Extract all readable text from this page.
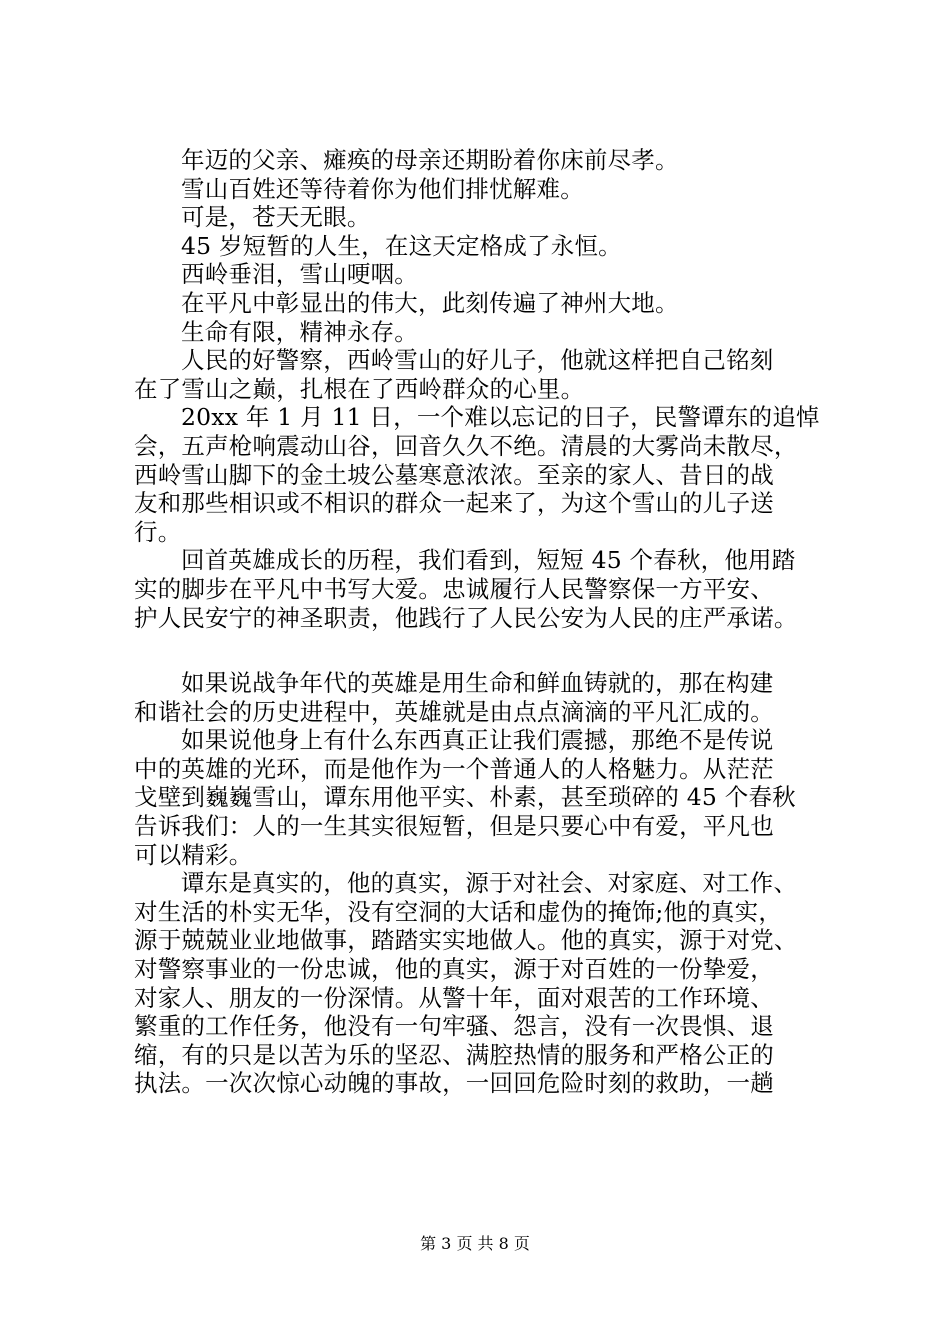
年迈的父亲、瘫痪的母亲还期盼着你床前尽孝。
雪山百姓还等待着你为他们排忧解难。
可是，苍天无眼。
45 岁短暂的人生，在这天定格成了永恒。
西岭垂泪，雪山哽咽。
在平凡中彰显出的伟大，此刻传遍了神州大地。
生命有限，精神永存。
人民的好警察，西岭雪山的好儿子，他就这样把自己铭刻
在了雪山之巅，扎根在了西岭群众的心里。
20xx 年 1 月 11 日，一个难以忘记的日子，民警谭东的追悼
会，五声枪响震动山谷，回音久久不绝。清晨的大雾尚未散尽，
西岭雪山脚下的金土坡公墓寒意浓浓。至亲的家人、昔日的战
友和那些相识或不相识的群众一起来了，为这个雪山的儿子送
行。
回首英雄成长的历程，我们看到，短短 45 个春秋，他用踏
实的脚步在平凡中书写大爱。忠诚履行人民警察保一方平安、
护人民安宁的神圣职责，他践行了人民公安为人民的庄严承诺。
如果说战争年代的英雄是用生命和鲜血铸就的，那在构建
和谐社会的历史进程中，英雄就是由点点滴滴的平凡汇成的。
如果说他身上有什么东西真正让我们震撼，那绝不是传说
中的英雄的光环，而是他作为一个普通人的人格魅力。从茫茫
戈壁到巍巍雪山，谭东用他平实、朴素，甚至琐碎的 45 个春秋
告诉我们：人的一生其实很短暂，但是只要心中有爱，平凡也
可以精彩。
谭东是真实的，他的真实，源于对社会、对家庭、对工作、
对生活的朴实无华，没有空洞的大话和虚伪的掩饰;他的真实，
源于兢兢业业地做事，踏踏实实地做人。他的真实，源于对党、
对警察事业的一份忠诚，他的真实，源于对百姓的一份挚爱，
对家人、朋友的一份深情。从警十年，面对艰苦的工作环境、
繁重的工作任务，他没有一句牢骚、怨言，没有一次畏惧、退
缩，有的只是以苦为乐的坚忍、满腔热情的服务和严格公正的
执法。一次次惊心动魄的事故，一回回危险时刻的救助，一趟
第 3 页 共 8 页
